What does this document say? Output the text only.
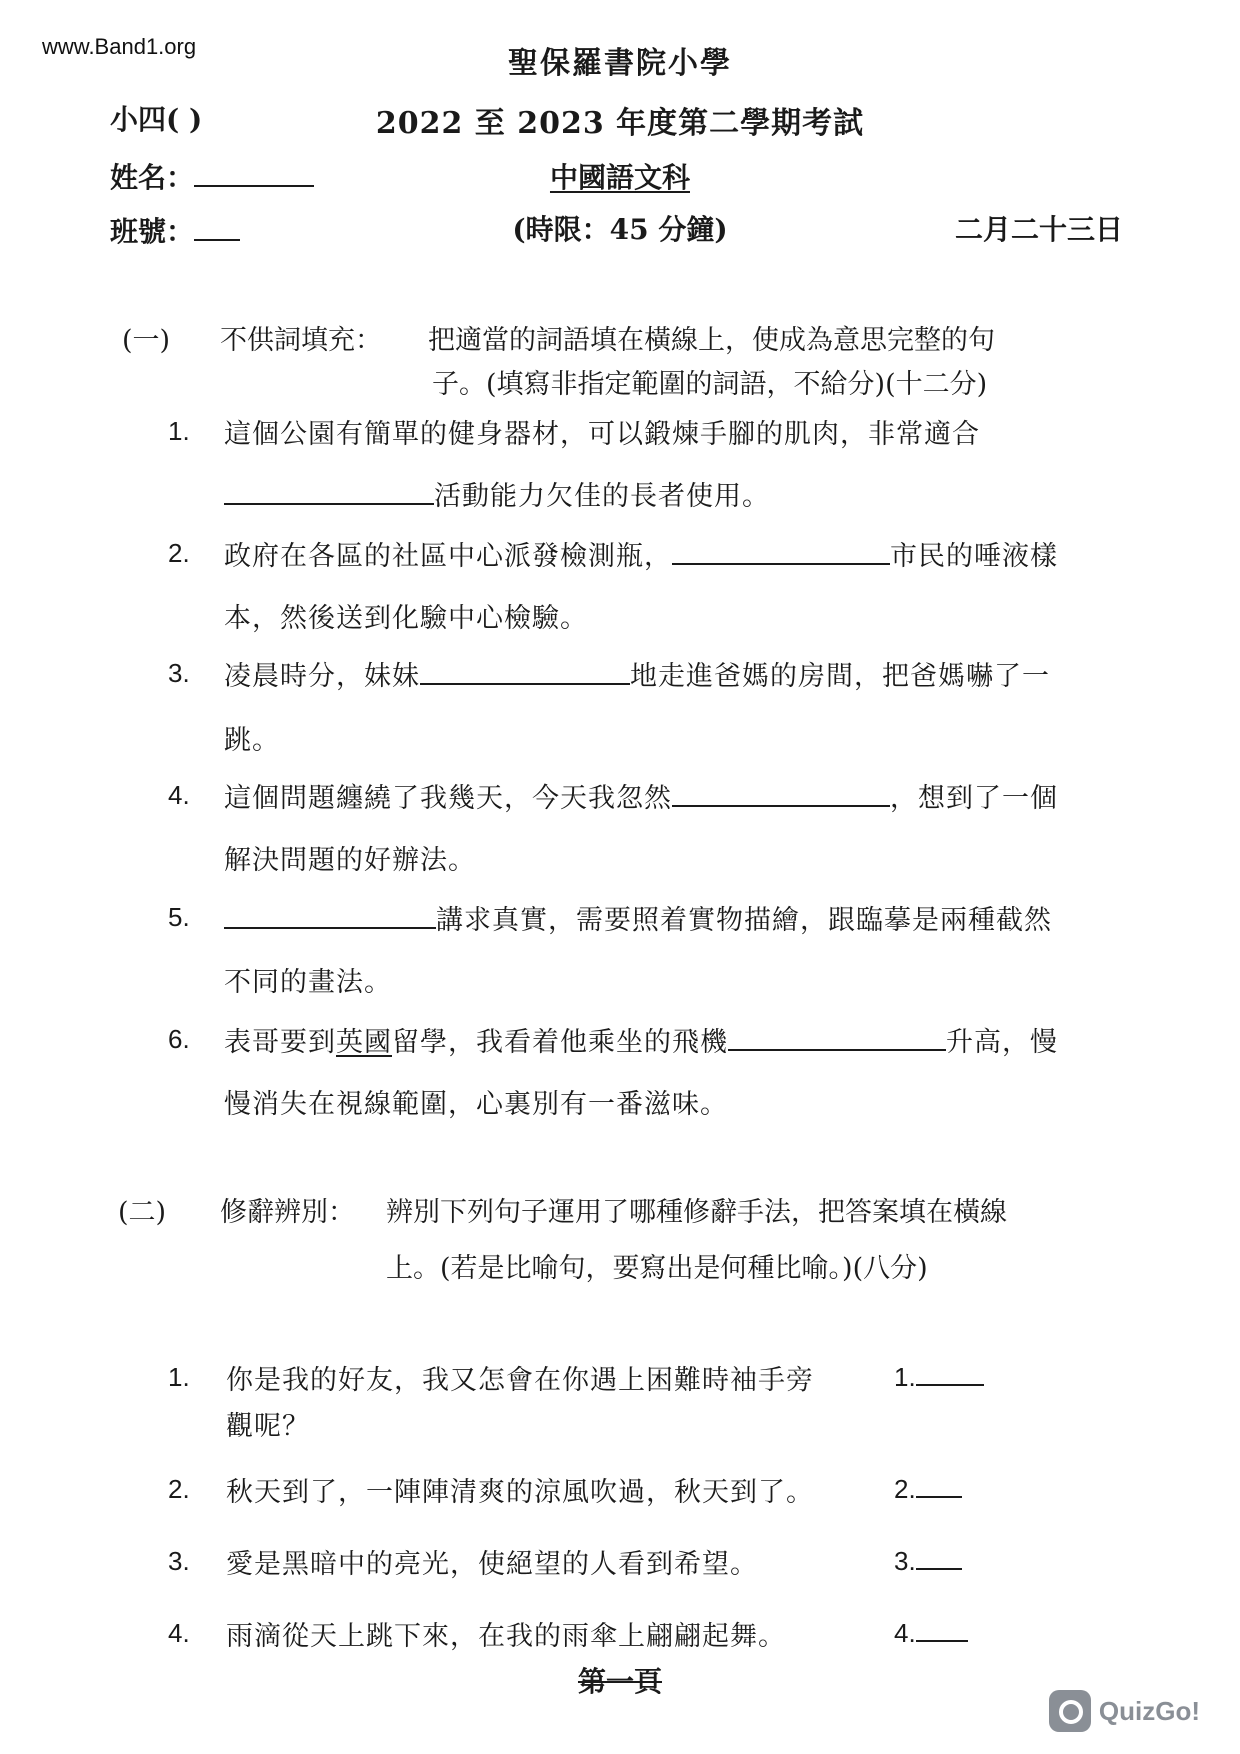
www.Band1.org	聖保羅書院小學
小四( )	2022 至 2023 年度第二學期考試
姓名：	中國語文科
班號：	(時限：45 分鐘)	二月二十三日
(一) 不供詞填充： 把適當的詞語填在橫線上，使成為意思完整的句
子。(填寫非指定範圍的詞語，不給分)(十二分)
1. 這個公園有簡單的健身器材，可以鍛煉手腳的肌肉，非常適合
活動能力欠佳的長者使用。
2. 政府在各區的社區中心派發檢測瓶，	市民的唾液樣
本，然後送到化驗中心檢驗。
3. 凌晨時分，妹妹	地走進爸媽的房間，把爸媽嚇了一
跳。
4. 這個問題纏繞了我幾天，今天我忽然	，想到了一個
解決問題的好辦法。
5.	講求真實，需要照着實物描繪，跟臨摹是兩種截然
不同的畫法。
6. 表哥要到英國留學，我看着他乘坐的飛機	升高，慢
慢消失在視線範圍，心裏別有一番滋味。
(二) 修辭辨別： 辨別下列句子運用了哪種修辭手法，把答案填在橫線
上。(若是比喻句，要寫出是何種比喻。)(八分)
1. 你是我的好友，我又怎會在你遇上困難時袖手旁
觀呢？
1.
2. 秋天到了，一陣陣清爽的涼風吹過，秋天到了。	2.
3. 愛是黑暗中的亮光，使絕望的人看到希望。	3.
4. 雨滴從天上跳下來，在我的雨傘上翩翩起舞。	4.
第一頁
QuizGo!
